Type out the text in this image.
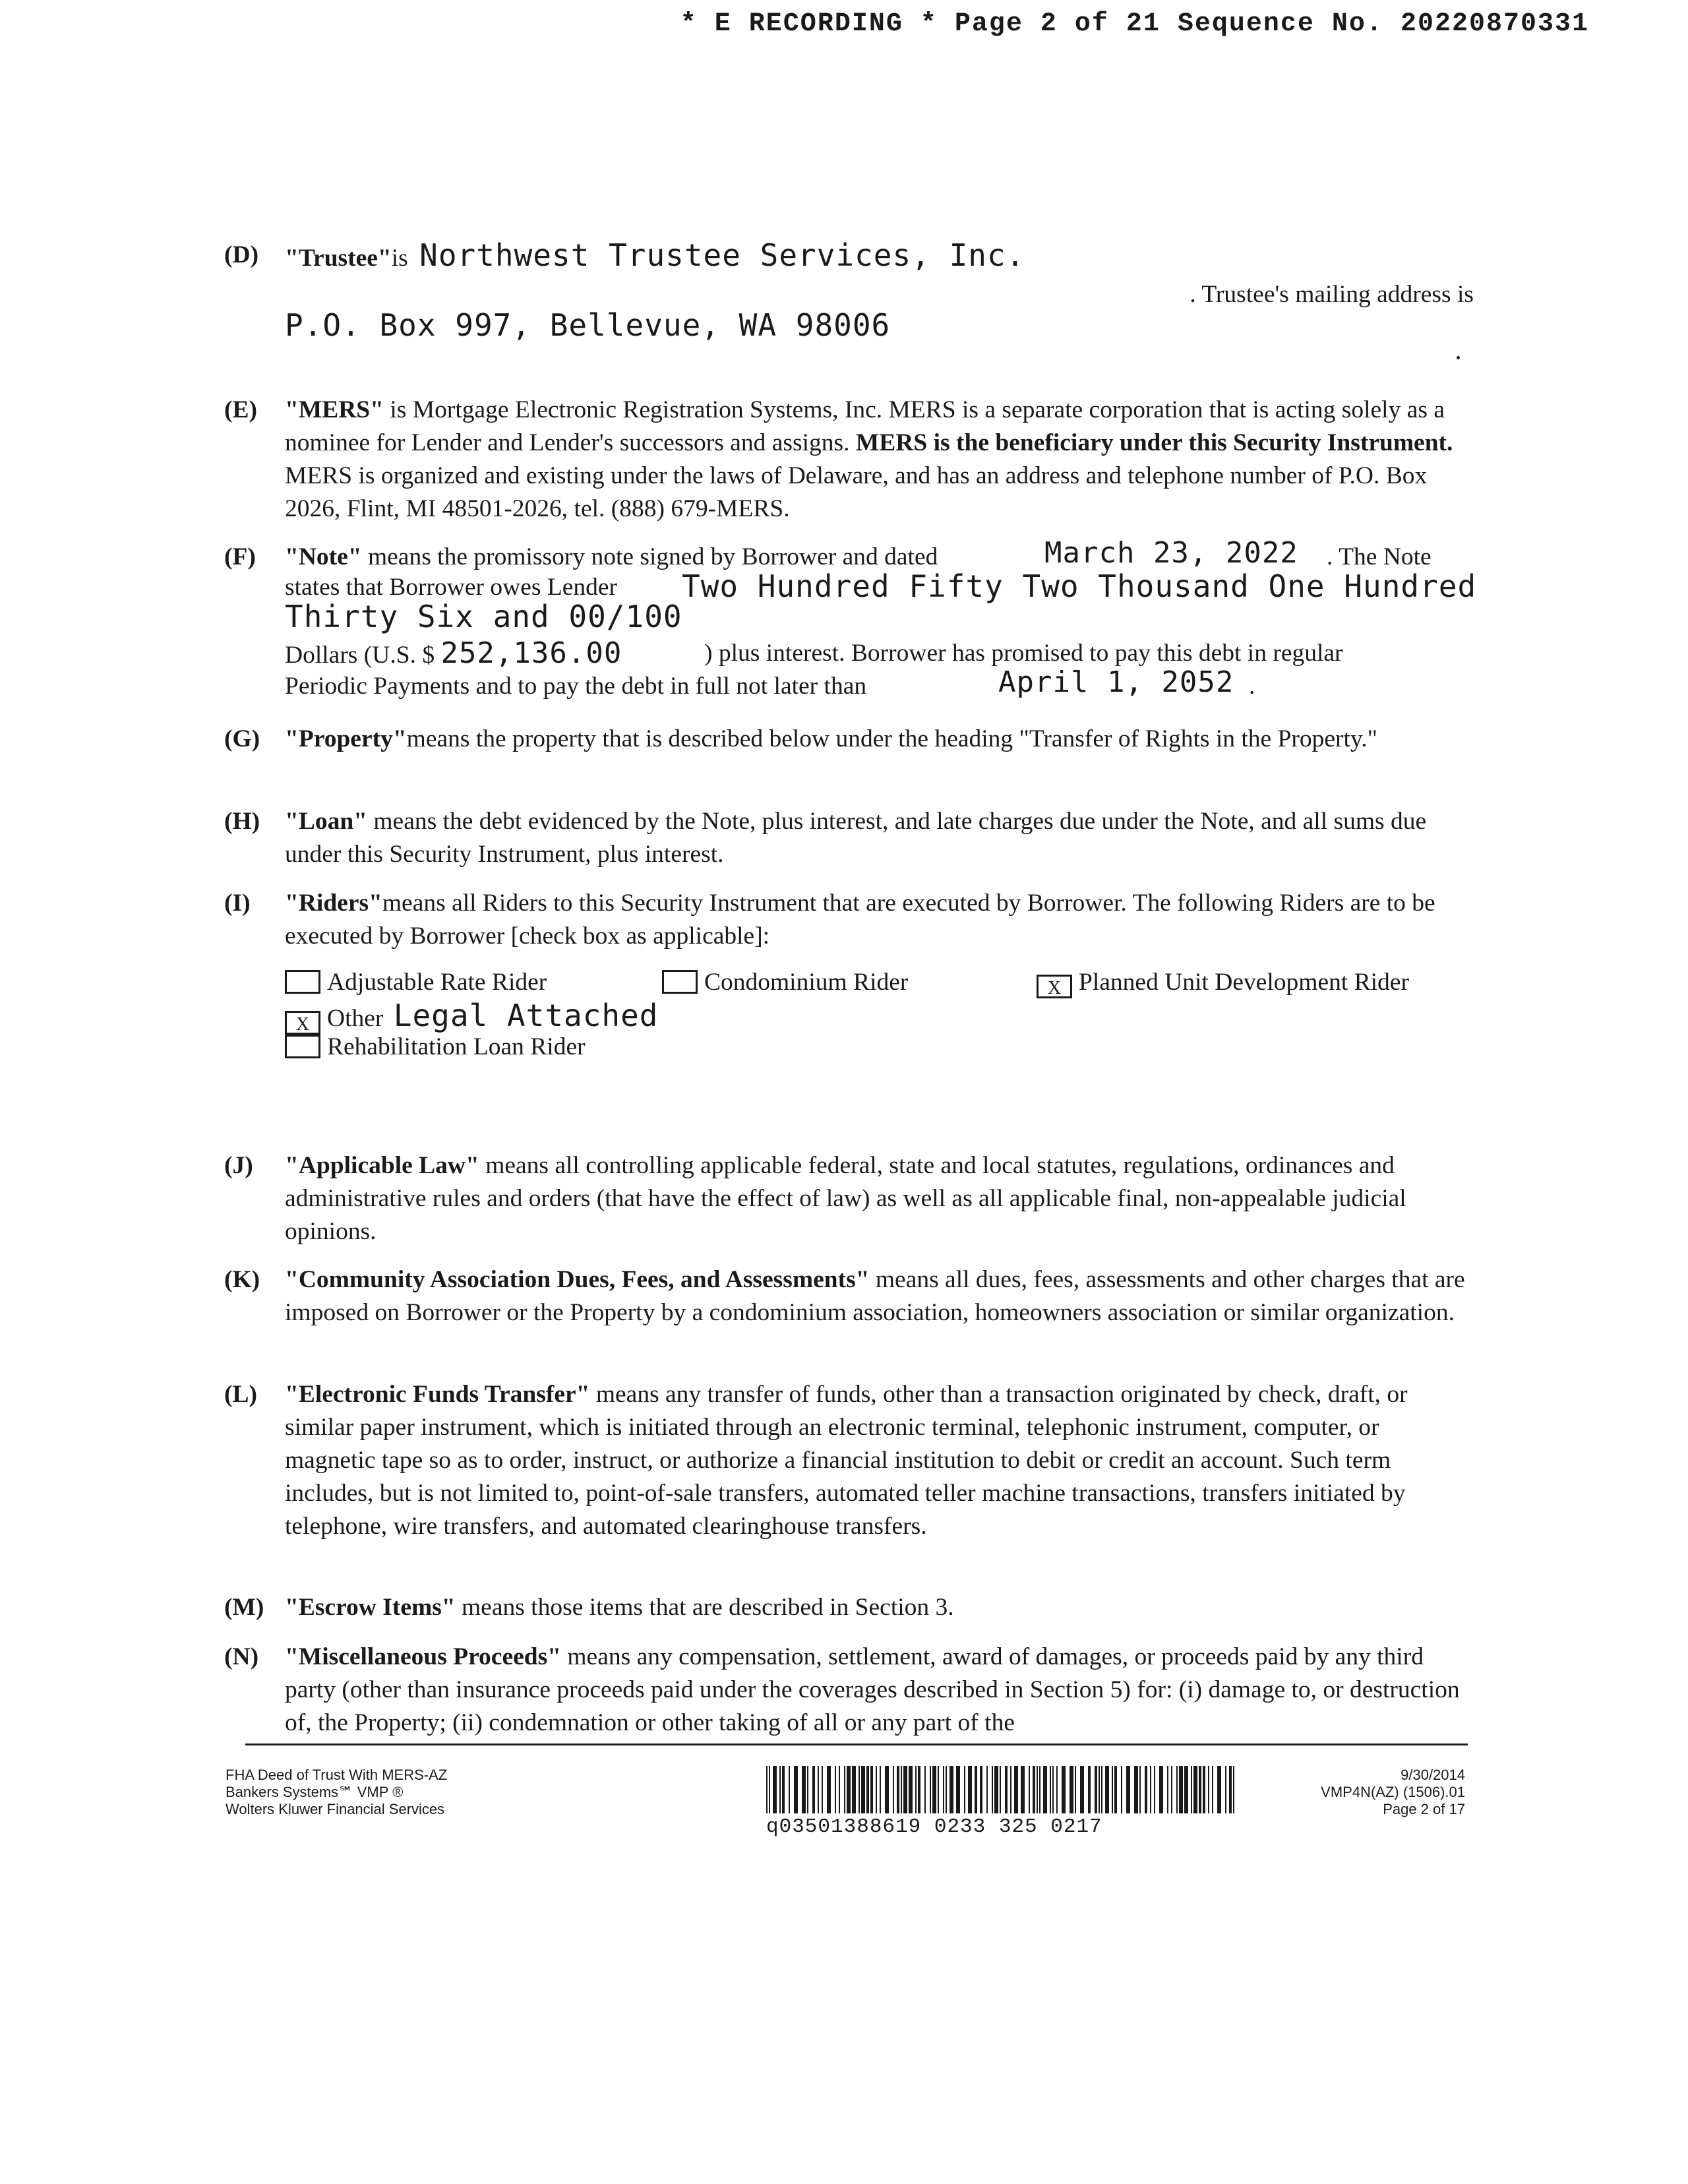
* E RECORDING * Page 2 of 21 Sequence No. 20220870331
(D) "Trustee"is Northwest Trustee Services, Inc.
. Trustee's mailing address is
P.O. Box 997, Bellevue, WA 98006
(E) "MERS" is Mortgage Electronic Registration Systems, Inc. MERS is a separate corporation that is acting solely as a nominee for Lender and Lender's successors and assigns. MERS is the beneficiary under this Security Instrument. MERS is organized and existing under the laws of Delaware, and has an address and telephone number of P.O. Box 2026, Flint, MI 48501-2026, tel. (888) 679-MERS.
(F) "Note" means the promissory note signed by Borrower and dated	March 23, 2022 . The Note
states that Borrower owes Lender Two Hundred Fifty Two Thousand One Hundred
Thirty Six and 00/100
Dollars (U.S. $ 252,136.00	) plus interest. Borrower has promised to pay this debt in regular
Periodic Payments and to pay the debt in full not later than	April 1, 2052 .
(G) "Property"means the property that is described below under the heading "Transfer of Rights in the Property."
(H) "Loan" means the debt evidenced by the Note, plus interest, and late charges due under the Note, and all sums due under this Security Instrument, plus interest.
(I) "Riders"means all Riders to this Security Instrument that are executed by Borrower. The following Riders are to be executed by Borrower [check box as applicable]:
Adjustable Rate Rider	Condominium Rider	X Planned Unit Development Rider
X Other Legal Attached
Rehabilitation Loan Rider
(J) "Applicable Law" means all controlling applicable federal, state and local statutes, regulations, ordinances and administrative rules and orders (that have the effect of law) as well as all applicable final, non-appealable judicial opinions.
(K) "Community Association Dues, Fees, and Assessments" means all dues, fees, assessments and other charges that are imposed on Borrower or the Property by a condominium association, homeowners association or similar organization.
(L) "Electronic Funds Transfer" means any transfer of funds, other than a transaction originated by check, draft, or similar paper instrument, which is initiated through an electronic terminal, telephonic instrument, computer, or magnetic tape so as to order, instruct, or authorize a financial institution to debit or credit an account. Such term includes, but is not limited to, point-of-sale transfers, automated teller machine transactions, transfers initiated by telephone, wire transfers, and automated clearinghouse transfers.
(M) "Escrow Items" means those items that are described in Section 3.
(N) "Miscellaneous Proceeds" means any compensation, settlement, award of damages, or proceeds paid by any third party (other than insurance proceeds paid under the coverages described in Section 5) for: (i) damage to, or destruction of, the Property; (ii) condemnation or other taking of all or any part of the
FHA Deed of Trust With MERS-AZ
Bankers Systems℠ VMP ®
Wolters Kluwer Financial Services
q03501388619 0233 325 0217
9/30/2014
VMP4N(AZ) (1506).01
Page 2 of 17
